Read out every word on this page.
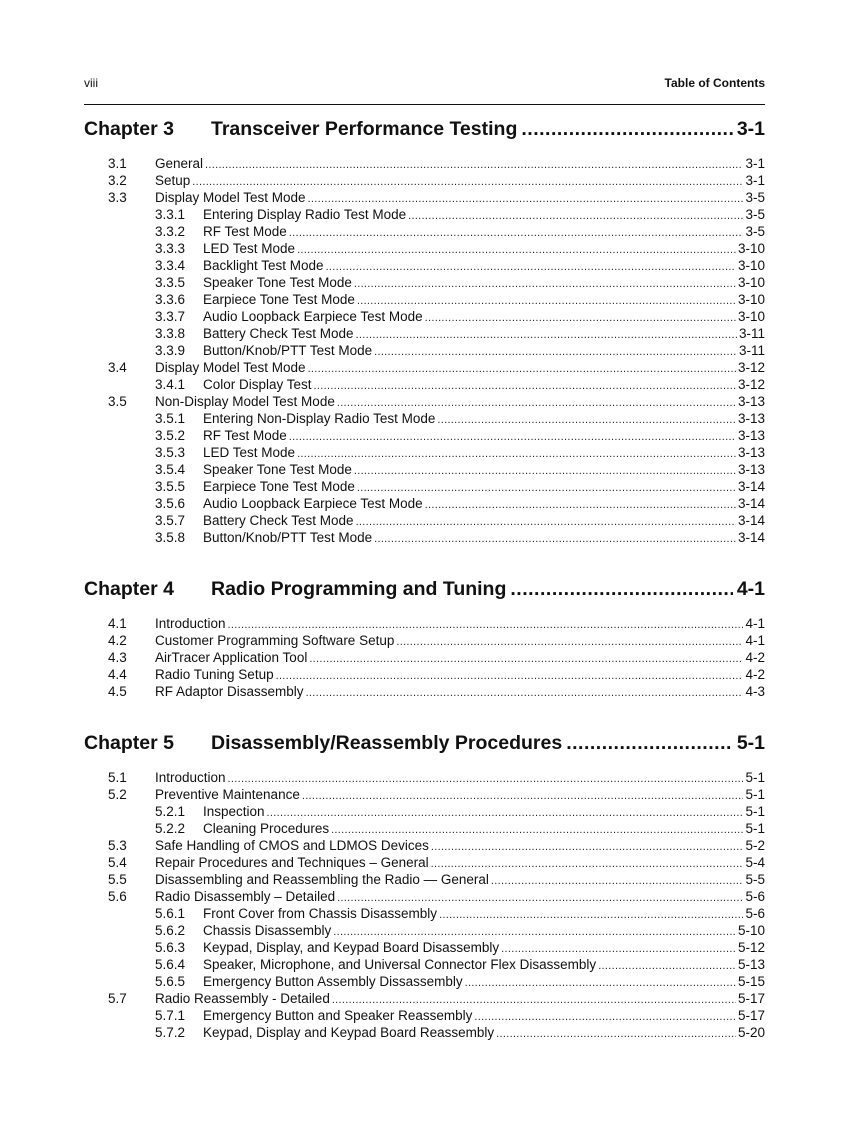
viii	Table of Contents
Chapter 3	Transceiver Performance Testing .....	3-1
3.1	General .....	3-1
3.2	Setup .....	3-1
3.3	Display Model Test Mode .....	3-5
3.3.1	Entering Display Radio Test Mode .....	3-5
3.3.2	RF Test Mode .....	3-5
3.3.3	LED Test Mode .....	3-10
3.3.4	Backlight Test Mode .....	3-10
3.3.5	Speaker Tone Test Mode .....	3-10
3.3.6	Earpiece Tone Test Mode .....	3-10
3.3.7	Audio Loopback Earpiece Test Mode .....	3-10
3.3.8	Battery Check Test Mode .....	3-11
3.3.9	Button/Knob/PTT Test Mode .....	3-11
3.4	Display Model Test Mode .....	3-12
3.4.1	Color Display Test .....	3-12
3.5	Non-Display Model Test Mode .....	3-13
3.5.1	Entering Non-Display Radio Test Mode .....	3-13
3.5.2	RF Test Mode .....	3-13
3.5.3	LED Test Mode .....	3-13
3.5.4	Speaker Tone Test Mode .....	3-13
3.5.5	Earpiece Tone Test Mode .....	3-14
3.5.6	Audio Loopback Earpiece Test Mode .....	3-14
3.5.7	Battery Check Test Mode .....	3-14
3.5.8	Button/Knob/PTT Test Mode .....	3-14
Chapter 4	Radio Programming and Tuning .....	4-1
4.1	Introduction .....	4-1
4.2	Customer Programming Software Setup .....	4-1
4.3	AirTracer Application Tool .....	4-2
4.4	Radio Tuning Setup .....	4-2
4.5	RF Adaptor Disassembly .....	4-3
Chapter 5	Disassembly/Reassembly Procedures .....	5-1
5.1	Introduction .....	5-1
5.2	Preventive Maintenance .....	5-1
5.2.1	Inspection .....	5-1
5.2.2	Cleaning Procedures .....	5-1
5.3	Safe Handling of CMOS and LDMOS Devices .....	5-2
5.4	Repair Procedures and Techniques – General .....	5-4
5.5	Disassembling and Reassembling the Radio — General .....	5-5
5.6	Radio Disassembly – Detailed .....	5-6
5.6.1	Front Cover from Chassis Disassembly .....	5-6
5.6.2	Chassis Disassembly .....	5-10
5.6.3	Keypad, Display, and Keypad Board Disassembly .....	5-12
5.6.4	Speaker, Microphone, and Universal Connector Flex Disassembly .....	5-13
5.6.5	Emergency Button Assembly Dissassembly .....	5-15
5.7	Radio Reassembly - Detailed .....	5-17
5.7.1	Emergency Button and Speaker Reassembly .....	5-17
5.7.2	Keypad, Display and Keypad Board Reassembly .....	5-20
